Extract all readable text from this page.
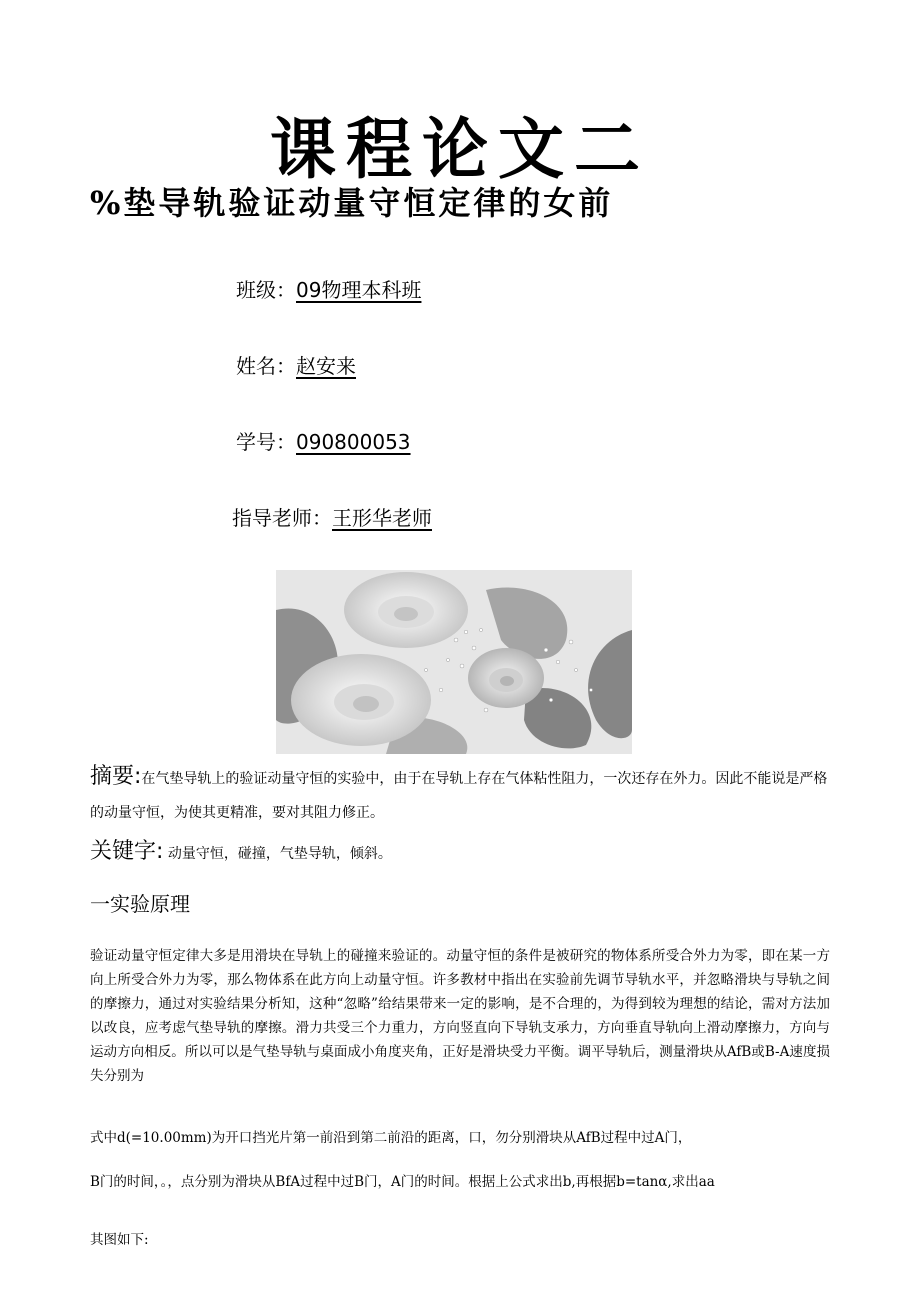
课程论文二
%垫导轨验证动量守恒定律的女前
班级：09物理本科班
姓名：赵安来
学号：090800053
指导老师：王形华老师
摘要:在气垫导轨上的验证动量守恒的实验中，由于在导轨上存在气体粘性阻力，一次还存在外力。因此不能说是严格的动量守恒，为使其更精准，要对其阻力修正。
关键字: 动量守恒，碰撞，气垫导轨，倾斜。
一实验原理
验证动量守恒定律大多是用滑块在导轨上的碰撞来验证的。动量守恒的条件是被研究的物体系所受合外力为零，即在某一方向上所受合外力为零，那么物体系在此方向上动量守恒。许多教材中指出在实验前先调节导轨水平，并忽略滑块与导轨之间的摩擦力，通过对实验结果分析知，这种“忽略”给结果带来一定的影响，是不合理的，为得到较为理想的结论，需对方法加以改良，应考虑气垫导轨的摩擦。滑力共受三个力重力，方向竖直向下导轨支承力，方向垂直导轨向上滑动摩擦力，方向与运动方向相反。所以可以是气垫导轨与桌面成小角度夹角，正好是滑块受力平衡。调平导轨后，测量滑块从AfB或B-A速度损失分别为
式中d(=10.00mm)为开口挡光片第一前沿到第二前沿的距离，口，勿分别滑块从AfB过程中过A门，
B门的时间，。，点分别为滑块从BfA过程中过B门，A门的时间。根据上公式求出b,再根据b=tanα,求出aa
其图如下:
